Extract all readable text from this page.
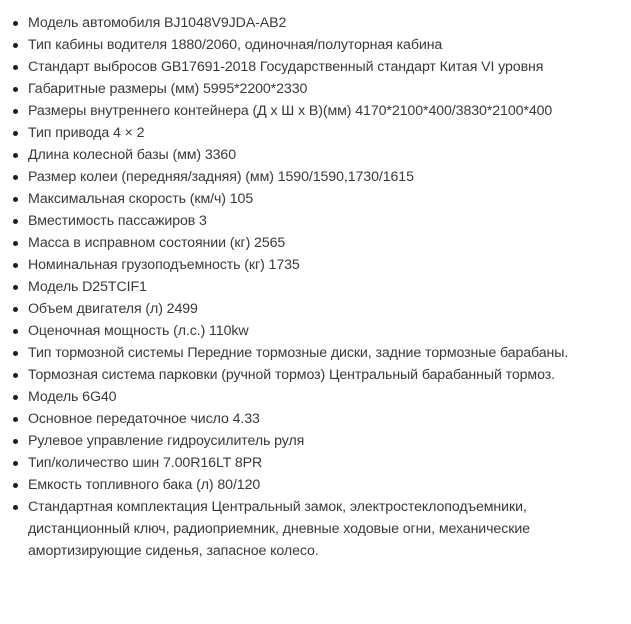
Модель автомобиля BJ1048V9JDA-AB2
Тип кабины водителя 1880/2060, одиночная/полуторная кабина
Стандарт выбросов GB17691-2018 Государственный стандарт Китая VI уровня
Габаритные размеры (мм) 5995*2200*2330
Размеры внутреннего контейнера (Д x Ш x В)(мм) 4170*2100*400/3830*2100*400
Тип привода 4 × 2
Длина колесной базы (мм) 3360
Размер колеи (передняя/задняя) (мм) 1590/1590,1730/1615
Максимальная скорость (км/ч) 105
Вместимость пассажиров 3
Масса в исправном состоянии (кг) 2565
Номинальная грузоподъемность (кг) 1735
Модель D25TCIF1
Объем двигателя (л) 2499
Оценочная мощность (л.с.) 110kw
Тип тормозной системы Передние тормозные диски, задние тормозные барабаны.
Тормозная система парковки (ручной тормоз) Центральный барабанный тормоз.
Модель 6G40
Основное передаточное число 4.33
Рулевое управление гидроусилитель руля
Тип/количество шин 7.00R16LT 8PR
Емкость топливного бака (л) 80/120
Стандартная комплектация Центральный замок, электростеклоподъемники, дистанционный ключ, радиоприемник, дневные ходовые огни, механические амортизирующие сиденья, запасное колесо.
